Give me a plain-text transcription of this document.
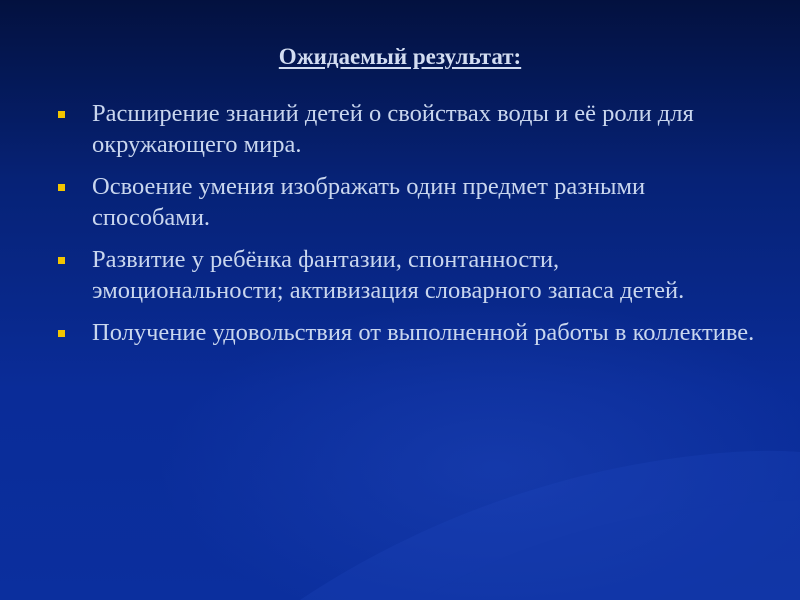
Ожидаемый результат:
Расширение знаний детей о свойствах воды и её роли для окружающего мира.
Освоение умения изображать один предмет разными способами.
Развитие у ребёнка фантазии, спонтанности, эмоциональности; активизация словарного запаса детей.
Получение удовольствия от выполненной работы в коллективе.
